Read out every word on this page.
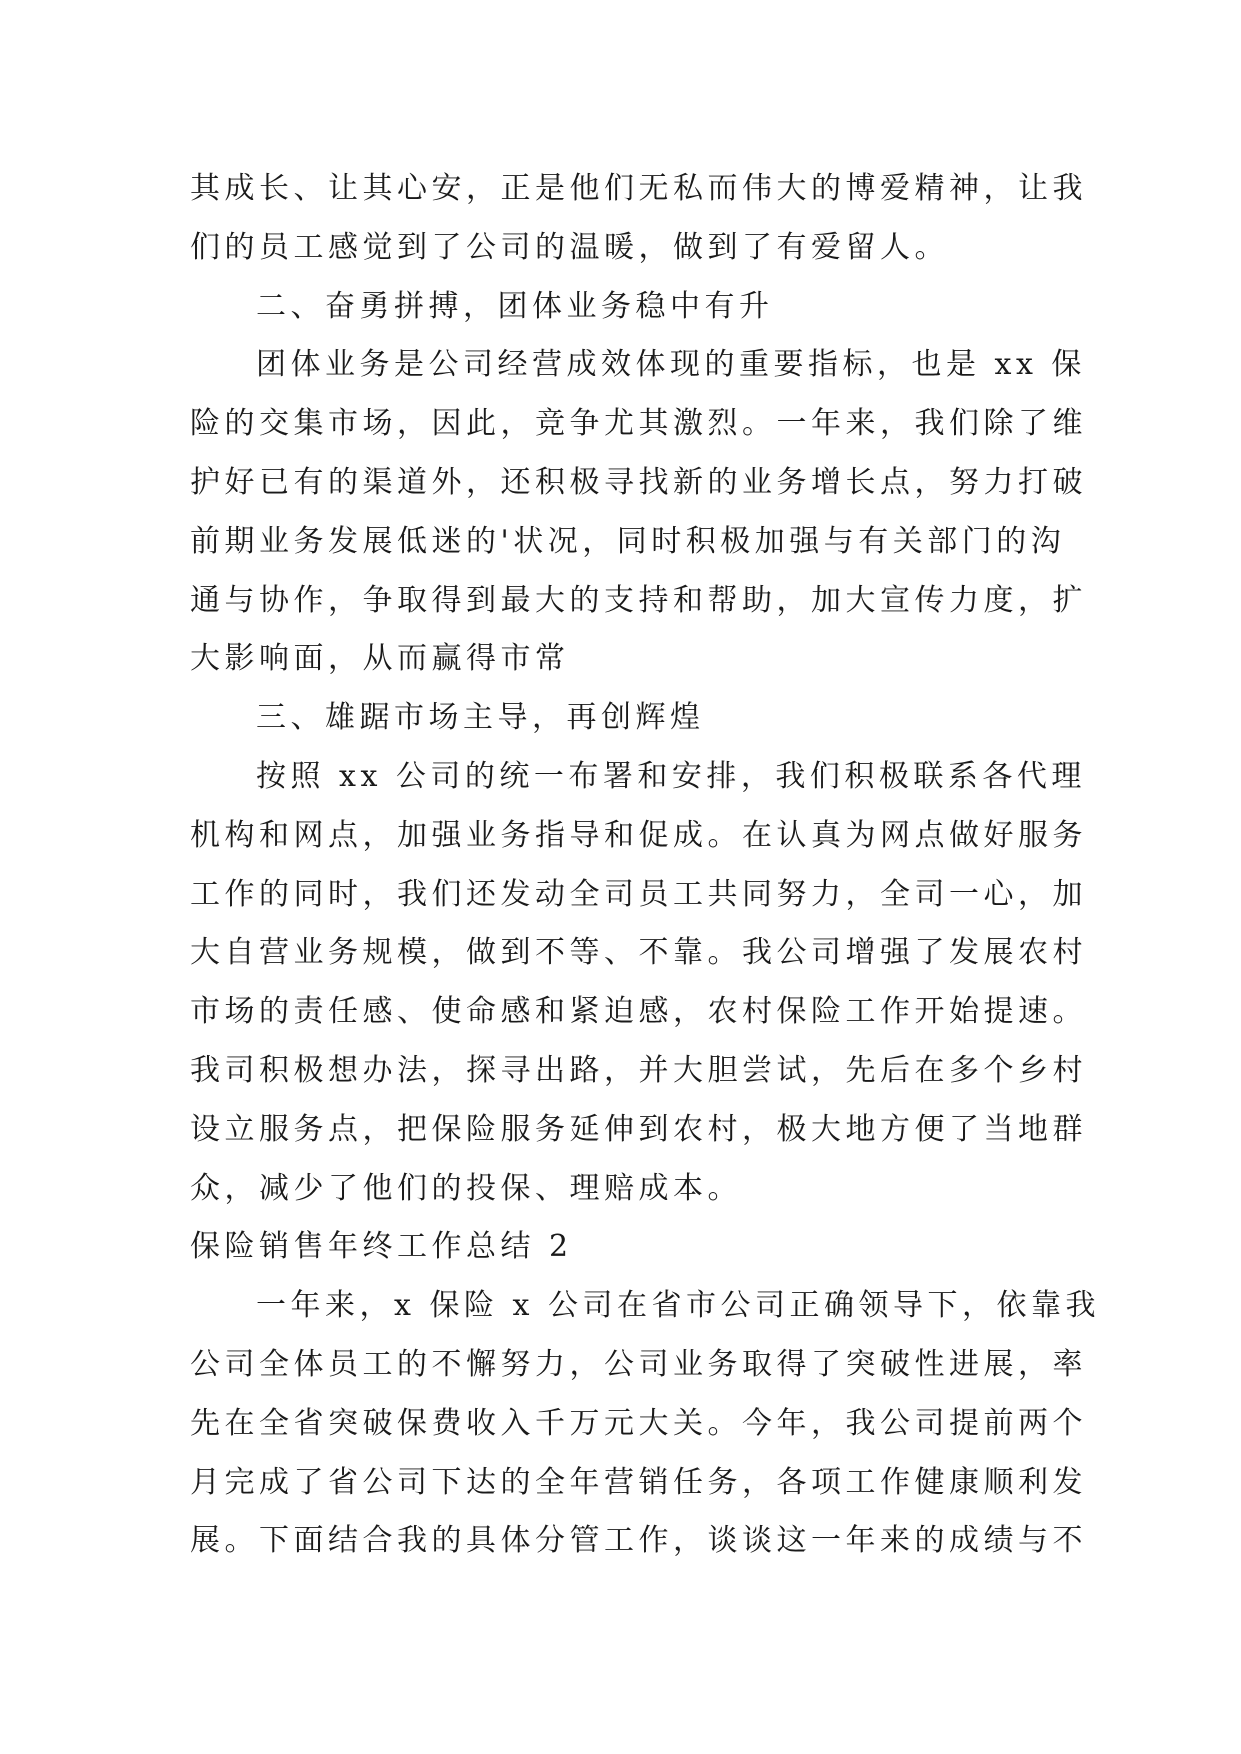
其成长、让其心安，正是他们无私而伟大的博爱精神，让我
们的员工感觉到了公司的温暖，做到了有爱留人。
二、奋勇拼搏，团体业务稳中有升
团体业务是公司经营成效体现的重要指标，也是 xx 保
险的交集市场，因此，竞争尤其激烈。一年来，我们除了维
护好已有的渠道外，还积极寻找新的业务增长点，努力打破
前期业务发展低迷的'状况，同时积极加强与有关部门的沟
通与协作，争取得到最大的支持和帮助，加大宣传力度，扩
大影响面，从而赢得市常
三、雄踞市场主导，再创辉煌
按照 xx 公司的统一布署和安排，我们积极联系各代理
机构和网点，加强业务指导和促成。在认真为网点做好服务
工作的同时，我们还发动全司员工共同努力，全司一心，加
大自营业务规模，做到不等、不靠。我公司增强了发展农村
市场的责任感、使命感和紧迫感，农村保险工作开始提速。
我司积极想办法，探寻出路，并大胆尝试，先后在多个乡村
设立服务点，把保险服务延伸到农村，极大地方便了当地群
众，减少了他们的投保、理赔成本。
保险销售年终工作总结 2
一年来，x 保险 x 公司在省市公司正确领导下，依靠我
公司全体员工的不懈努力，公司业务取得了突破性进展，率
先在全省突破保费收入千万元大关。今年，我公司提前两个
月完成了省公司下达的全年营销任务，各项工作健康顺利发
展。下面结合我的具体分管工作，谈谈这一年来的成绩与不
